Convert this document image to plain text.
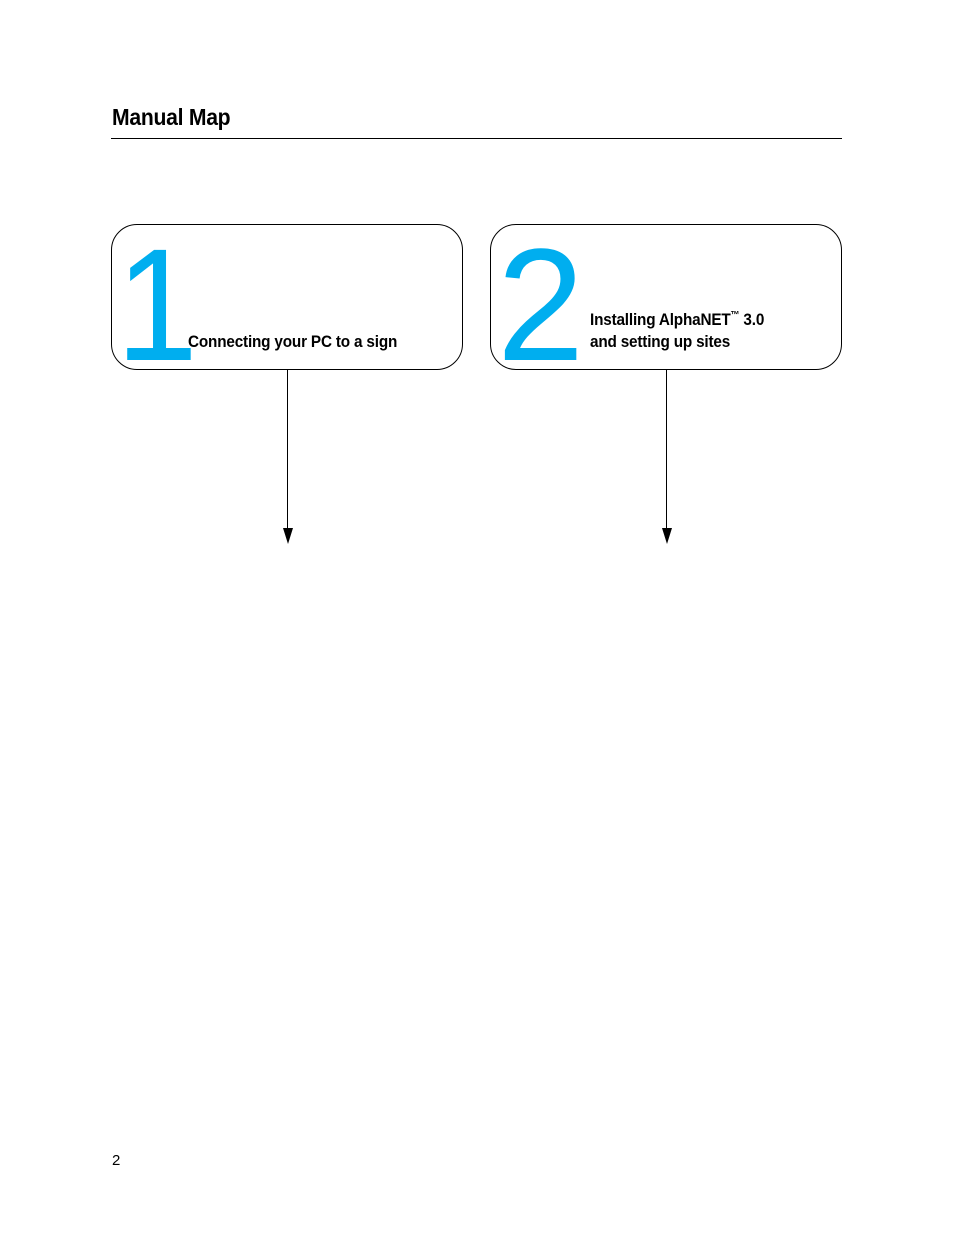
Manual Map
1
Connecting your PC to a sign 2 Installing AlphaNET™ 3.0
and setting up sites
2
